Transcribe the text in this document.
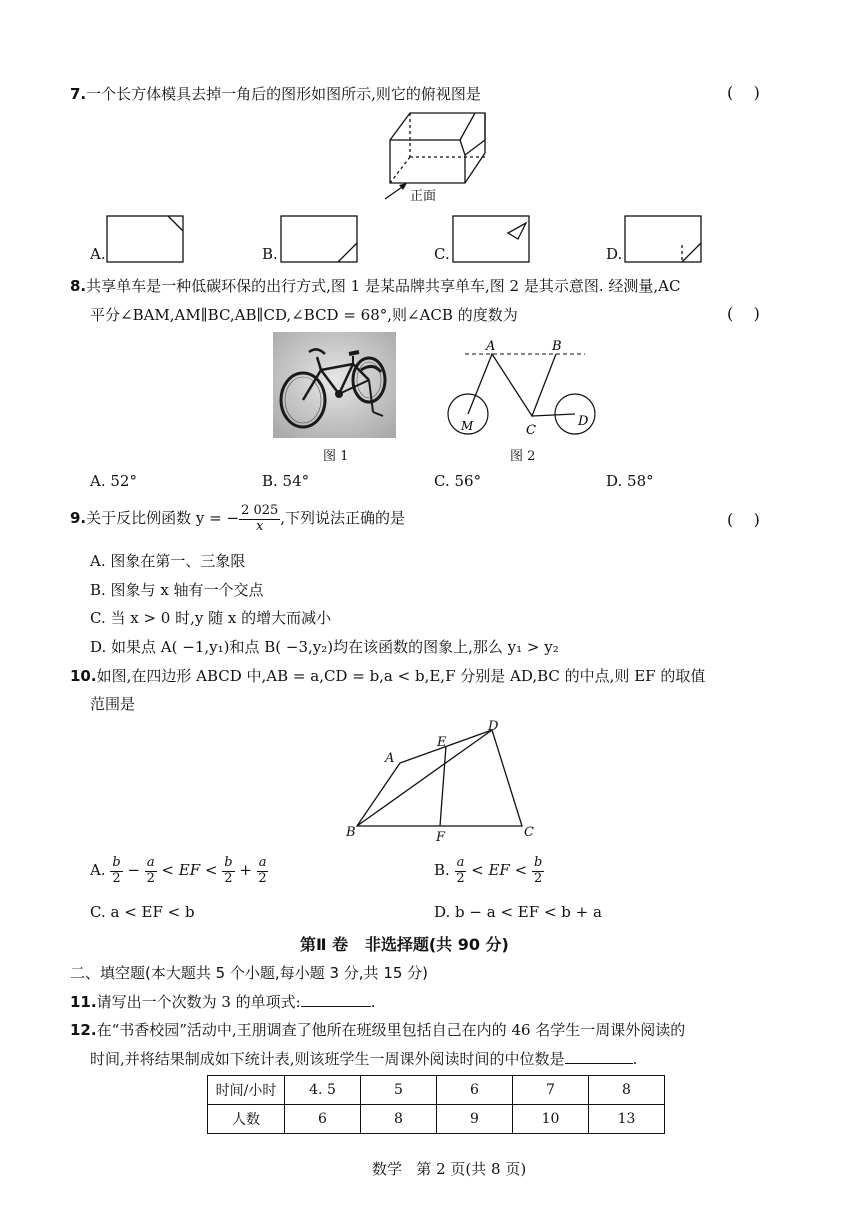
7.一个长方体模具去掉一角后的图形如图所示,则它的俯视图是	(    )
正面
A.	B.	C.	D.
8.共享单车是一种低碳环保的出行方式,图 1 是某品牌共享单车,图 2 是其示意图. 经测量,AC
平分∠BAM,AM∥BC,AB∥CD,∠BCD = 68°,则∠ACB 的度数为	(    )
图 1
A	B
C
D
M
图 2
A. 52°	B. 54°	C. 56°	D. 58°
9.关于反比例函数 y = − $\frac{2 025}{x}$ ,下列说法正确的是	(    )
A. 图象在第一、三象限
B. 图象与 x 轴有一个交点
C. 当 x > 0 时,y 随 x 的增大而减小
D. 如果点 A( −1,y₁)和点 B( −3,y₂)均在该函数的图象上,那么 y₁ > y₂
10.如图,在四边形 ABCD 中,AB = a,CD = b,a < b,E,F 分别是 AD,BC 的中点,则 EF 的取值
范围是
A
B	C
D
E
F
A. $\frac{b}{2} - \frac{a}{2}$ < EF < $\frac{b}{2} + \frac{a}{2}$	B. $\frac{a}{2}$ < EF < $\frac{b}{2}$
C. a < EF < b	D. b − a < EF < b + a
第Ⅱ 卷   非选择题(共 90 分)
二、填空题(本大题共 5 个小题,每小题 3 分,共 15 分)
11.请写出一个次数为 3 的单项式:	.
12.在“书香校园”活动中,王朋调查了他所在班级里包括自己在内的 46 名学生一周课外阅读的
时间,并将结果制成如下统计表,则该班学生一周课外阅读时间的中位数是	.
时间/小时	4. 5	5	6	7	8
人数	6	8	9	10	13
数学   第 2 页(共 8 页)
